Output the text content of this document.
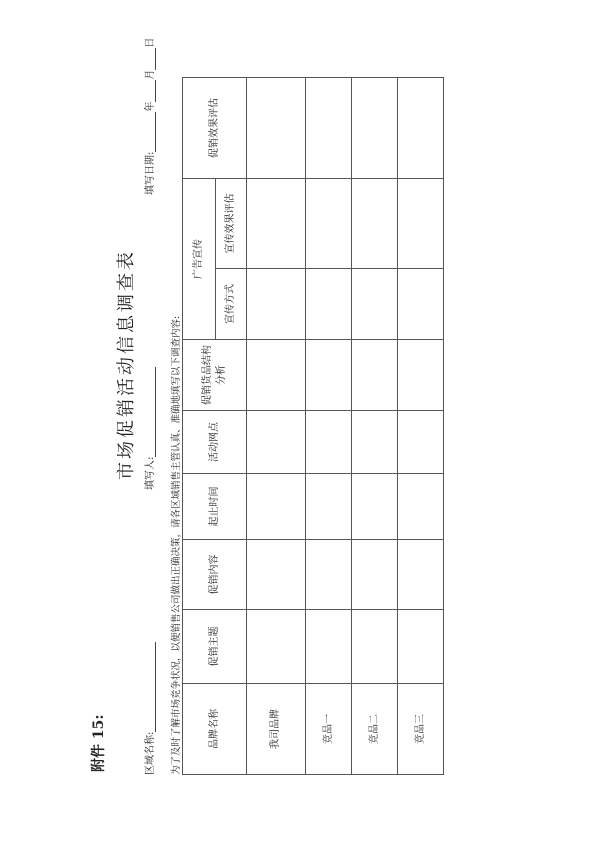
附件 15:
市场促销活动信息调查表
区域名称:
填写人:
填写日期:年月日
为了及时了解市场竞争状况，以便销售公司做出正确决策，请各区域销售主管认真、准确地填写以下调查内容:	品牌名称	促销主题	促销内容	起止时间	活动网点	促销货品结构分析	广告宣传		促销效果评估
						宣传方式	宣传效果评估	
我司品牌								
竞品一								
竞品二								
竞品三								
